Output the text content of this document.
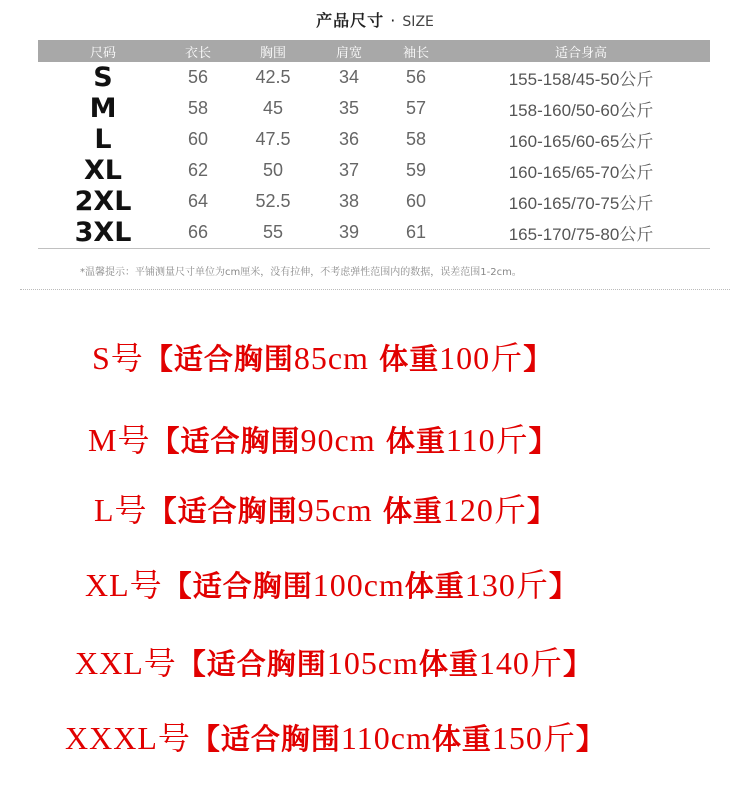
产品尺寸 · SIZE
尺码	衣长	胸围	肩宽	袖长	适合身高
S	56	42.5	34	56	155-158/45-50公斤
M	58	45	35	57	158-160/50-60公斤
L	60	47.5	36	58	160-165/60-65公斤
XL	62	50	37	59	160-165/65-70公斤
2XL	64	52.5	38	60	160-165/70-75公斤
3XL	66	55	39	61	165-170/75-80公斤
*温馨提示：平铺测量尺寸单位为cm厘米，没有拉伸，不考虑弹性范围内的数据，误差范围1-2cm。
S号【适合胸围85cm 体重100斤】
M号【适合胸围90cm 体重110斤】
L号【适合胸围95cm 体重120斤】
XL号【适合胸围100cm体重130斤】
XXL号【适合胸围105cm体重140斤】
XXXL号【适合胸围110cm体重150斤】
